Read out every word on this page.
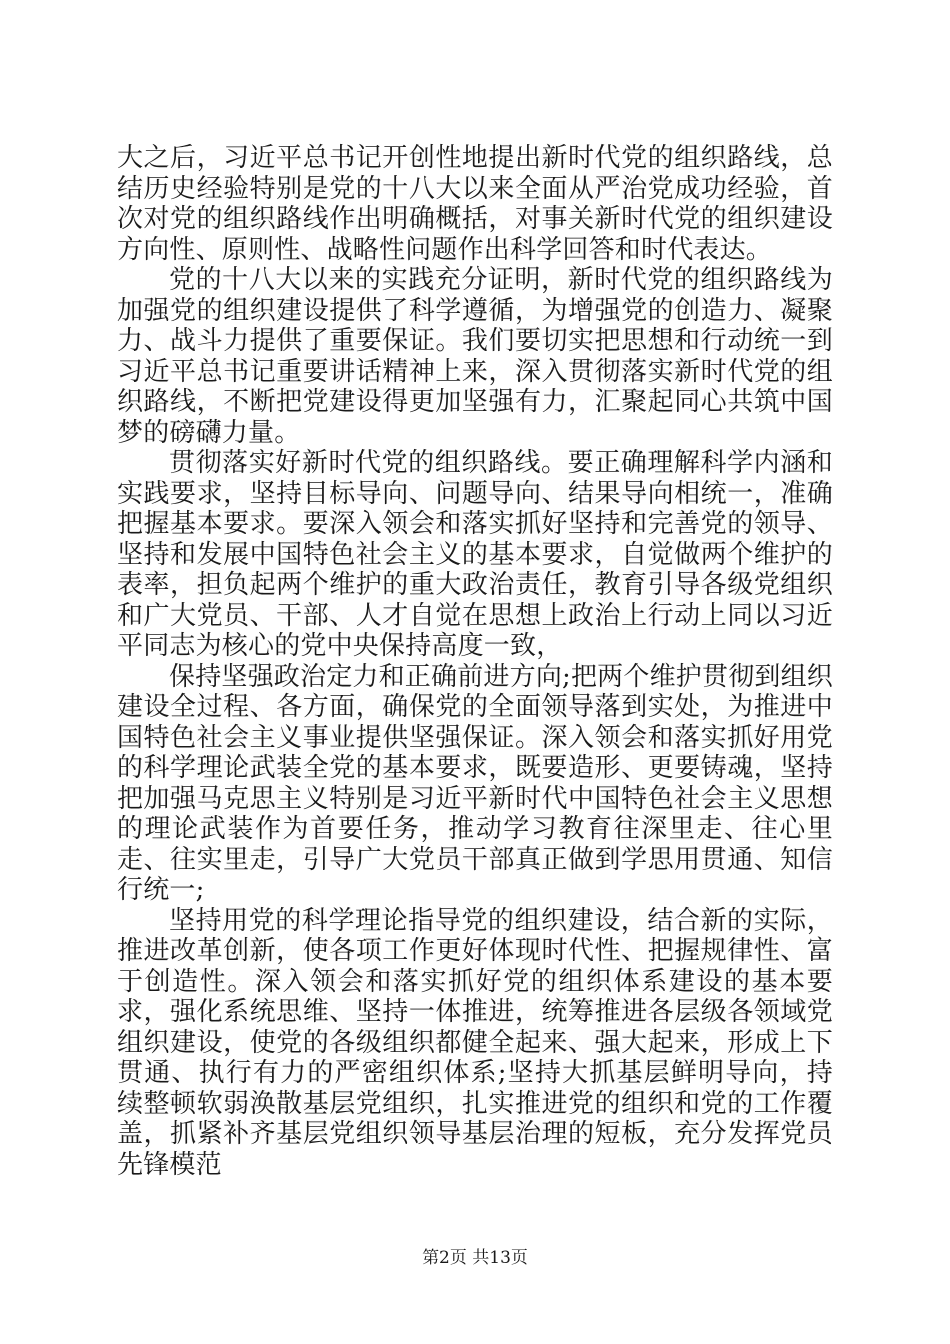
大之后，习近平总书记开创性地提出新时代党的组织路线，总结历史经验特别是党的十八大以来全面从严治党成功经验，首次对党的组织路线作出明确概括，对事关新时代党的组织建设方向性、原则性、战略性问题作出科学回答和时代表达。

党的十八大以来的实践充分证明，新时代党的组织路线为加强党的组织建设提供了科学遵循，为增强党的创造力、凝聚力、战斗力提供了重要保证。我们要切实把思想和行动统一到习近平总书记重要讲话精神上来，深入贯彻落实新时代党的组织路线，不断把党建设得更加坚强有力，汇聚起同心共筑中国梦的磅礴力量。

贯彻落实好新时代党的组织路线。要正确理解科学内涵和实践要求，坚持目标导向、问题导向、结果导向相统一，准确把握基本要求。要深入领会和落实抓好坚持和完善党的领导、坚持和发展中国特色社会主义的基本要求，自觉做两个维护的表率，担负起两个维护的重大政治责任，教育引导各级党组织和广大党员、干部、人才自觉在思想上政治上行动上同以习近平同志为核心的党中央保持高度一致，

保持坚强政治定力和正确前进方向;把两个维护贯彻到组织建设全过程、各方面，确保党的全面领导落到实处，为推进中国特色社会主义事业提供坚强保证。深入领会和落实抓好用党的科学理论武装全党的基本要求，既要造形、更要铸魂，坚持把加强马克思主义特别是习近平新时代中国特色社会主义思想的理论武装作为首要任务，推动学习教育往深里走、往心里走、往实里走，引导广大党员干部真正做到学思用贯通、知信行统一;

坚持用党的科学理论指导党的组织建设，结合新的实际，推进改革创新，使各项工作更好体现时代性、把握规律性、富于创造性。深入领会和落实抓好党的组织体系建设的基本要求，强化系统思维、坚持一体推进，统筹推进各层级各领域党组织建设，使党的各级组织都健全起来、强大起来，形成上下贯通、执行有力的严密组织体系;坚持大抓基层鲜明导向，持续整顿软弱涣散基层党组织，扎实推进党的组织和党的工作覆盖，抓紧补齐基层党组织领导基层治理的短板，充分发挥党员先锋模范

第2页 共13页
